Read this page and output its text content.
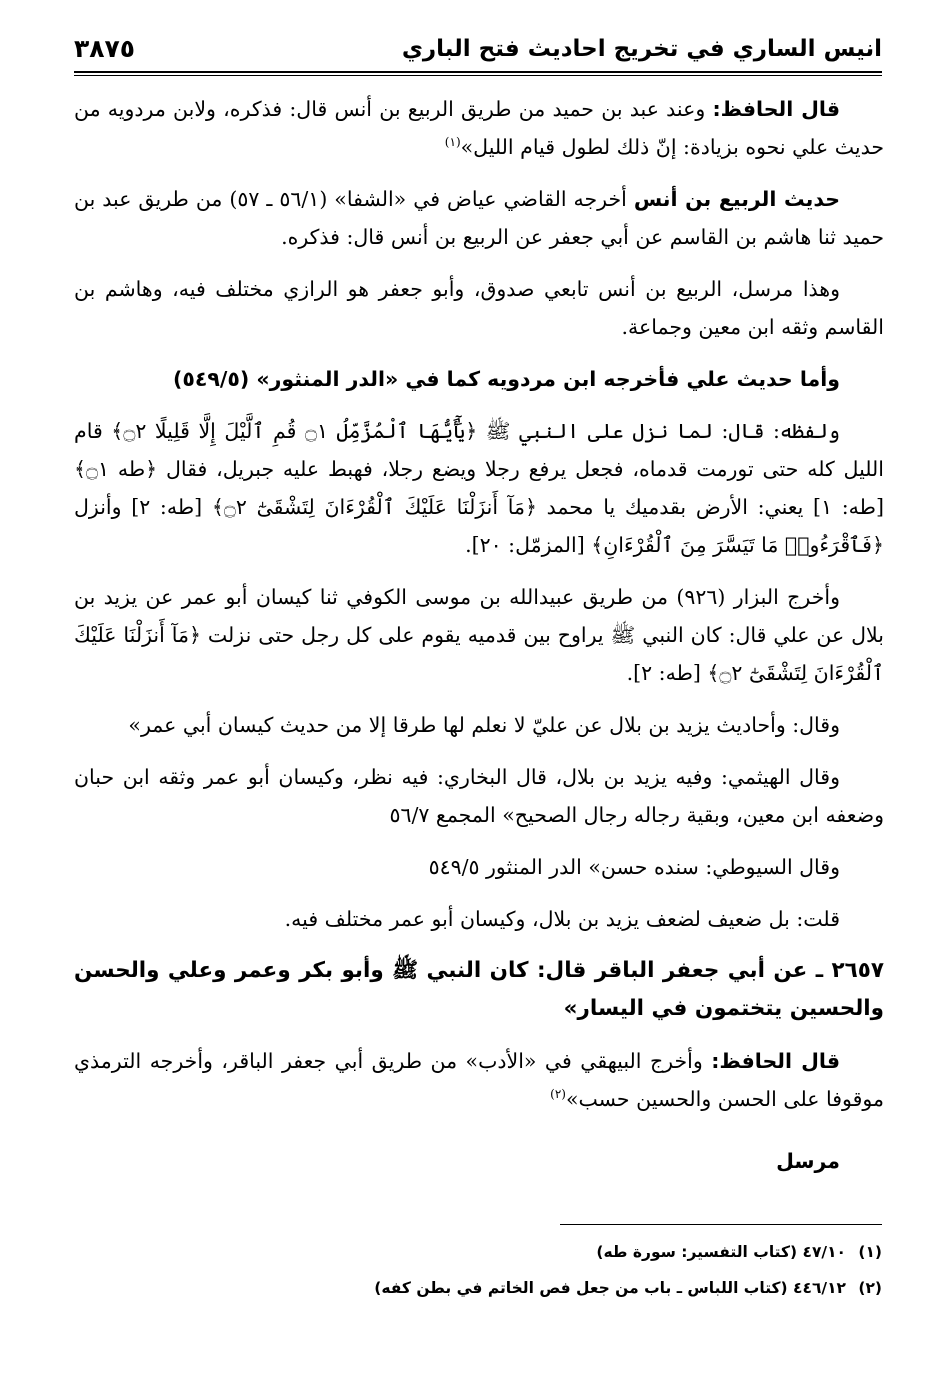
انيس الساري في تخريج احاديث فتح الباري
٣٨٧٥

قال الحافظ: وعند عبد بن حميد من طريق الربيع بن أنس قال: فذكره، ولابن مردويه من حديث علي نحوه بزيادة: إنّ ذلك لطول قيام الليل»$^{(١)}$

حديث الربيع بن أنس أخرجه القاضي عياض في «الشفا» (٥٦/١ ـ ٥٧) من طريق عبد بن حميد ثنا هاشم بن القاسم عن أبي جعفر عن الربيع بن أنس قال: فذكره.

وهذا مرسل، الربيع بن أنس تابعي صدوق، وأبو جعفر هو الرازي مختلف فيه، وهاشم بن القاسم وثقه ابن معين وجماعة.

وأما حديث علي فأخرجه ابن مردويه كما في «الدر المنثور» (٥٤٩/٥)

ولفظه: قال: لما نزل على النبي ﷺ ﴿يَٰٓأَيُّهَا ٱلْمُزَّمِّلُ ۝١ قُمِ ٱلَّيْلَ إِلَّا قَلِيلًا ۝٢﴾ قام الليل كله حتى تورمت قدماه، فجعل يرفع رجلا ويضع رجلا، فهبط عليه جبريل، فقال ﴿طه ۝١﴾ [طه: ١] يعني: الأرض بقدميك يا محمد ﴿مَآ أَنزَلْنَا عَلَيْكَ ٱلْقُرْءَانَ لِتَشْقَىٰٓ ۝٢﴾ [طه: ٢] وأنزل ﴿فَٱقْرَءُوا۟ مَا تَيَسَّرَ مِنَ ٱلْقُرْءَانِ﴾ [المزمّل: ٢٠].

وأخرج البزار (٩٢٦) من طريق عبيدالله بن موسى الكوفي ثنا كيسان أبو عمر عن يزيد بن بلال عن علي قال: كان النبي ﷺ يراوح بين قدميه يقوم على كل رجل حتى نزلت ﴿مَآ أَنزَلْنَا عَلَيْكَ ٱلْقُرْءَانَ لِتَشْقَىٰٓ ۝٢﴾ [طه: ٢].

وقال: وأحاديث يزيد بن بلال عن عليّ لا نعلم لها طرقا إلا من حديث كيسان أبي عمر»

وقال الهيثمي: وفيه يزيد بن بلال، قال البخاري: فيه نظر، وكيسان أبو عمر وثقه ابن حبان وضعفه ابن معين، وبقية رجاله رجال الصحيح» المجمع ٥٦/٧

وقال السيوطي: سنده حسن» الدر المنثور ٥٤٩/٥

قلت: بل ضعيف لضعف يزيد بن بلال، وكيسان أبو عمر مختلف فيه.

٢٦٥٧ ـ عن أبي جعفر الباقر قال: كان النبي ﷺ وأبو بكر وعمر وعلي والحسن والحسين يتختمون في اليسار»

قال الحافظ: وأخرج البيهقي في «الأدب» من طريق أبي جعفر الباقر، وأخرجه الترمذي موقوفا على الحسن والحسين حسب»$^{(٢)}$

مرسل

(١)٤٧/١٠ (كتاب التفسير: سورة طه)
(٢)٤٤٦/١٢ (كتاب اللباس ـ باب من جعل فص الخاتم في بطن كفه)
